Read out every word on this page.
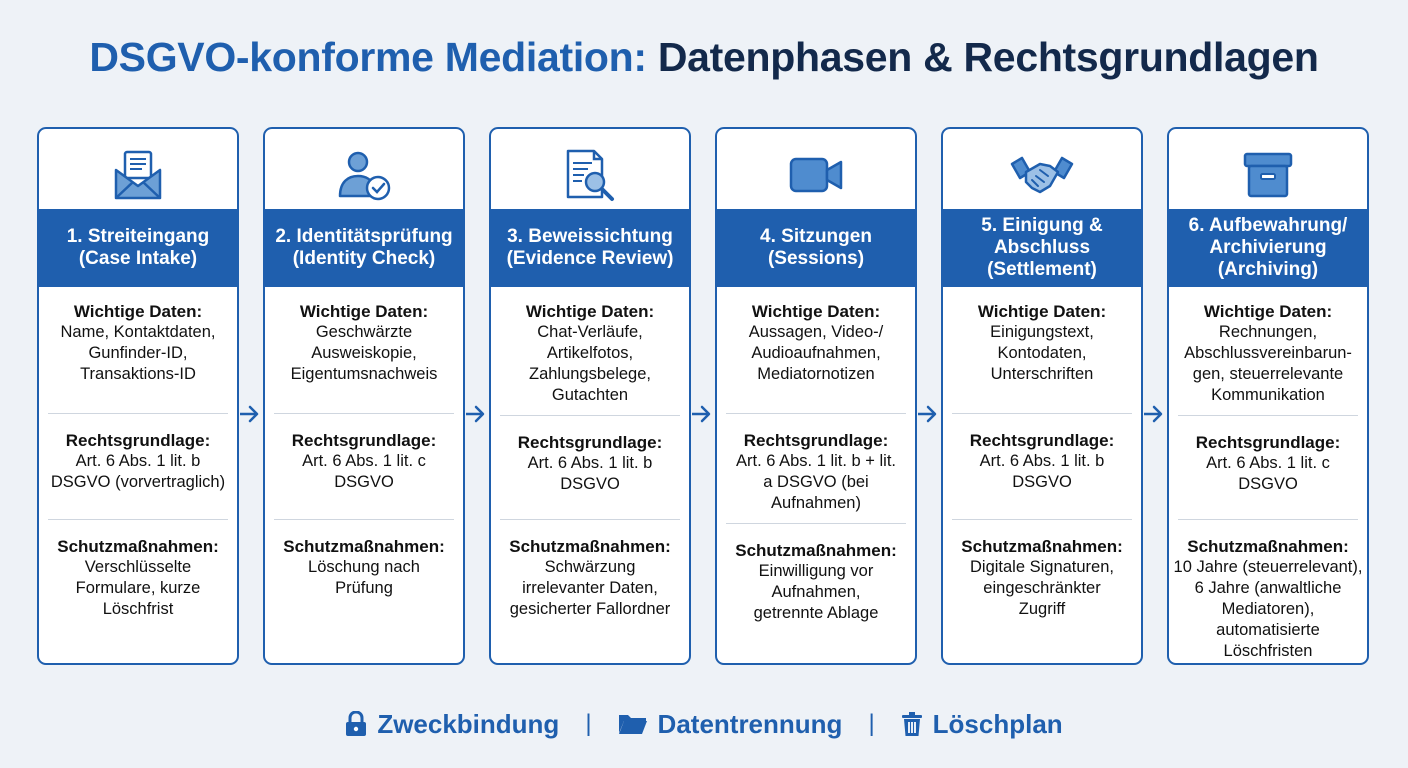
DSGVO-konforme Mediation: Datenphasen & Rechtsgrundlagen
1. Streiteingang
(Case Intake)
Wichtige Daten:
Name, Kontaktdaten,
Gunfinder-ID,
Transaktions-ID
Rechtsgrundlage:
Art. 6 Abs. 1 lit. b
DSGVO (vorvertraglich)
Schutzmaßnahmen:
Verschlüsselte
Formulare, kurze
Löschfrist
2. Identitätsprüfung
(Identity Check)
Wichtige Daten:
Geschwärzte
Ausweiskopie,
Eigentumsnachweis
Rechtsgrundlage:
Art. 6 Abs. 1 lit. c
DSGVO
Schutzmaßnahmen:
Löschung nach
Prüfung
3. Beweissichtung
(Evidence Review)
Wichtige Daten:
Chat-Verläufe,
Artikelfotos,
Zahlungsbelege,
Gutachten
Rechtsgrundlage:
Art. 6 Abs. 1 lit. b
DSGVO
Schutzmaßnahmen:
Schwärzung
irrelevanter Daten,
gesicherter Fallordner
4. Sitzungen
(Sessions)
Wichtige Daten:
Aussagen, Video-/
Audioaufnahmen,
Mediatornotizen
Rechtsgrundlage:
Art. 6 Abs. 1 lit. b + lit.
a DSGVO (bei
Aufnahmen)
Schutzmaßnahmen:
Einwilligung vor
Aufnahmen,
getrennte Ablage
5. Einigung &
Abschluss
(Settlement)
Wichtige Daten:
Einigungstext,
Kontodaten,
Unterschriften
Rechtsgrundlage:
Art. 6 Abs. 1 lit. b
DSGVO
Schutzmaßnahmen:
Digitale Signaturen,
eingeschränkter
Zugriff
6. Aufbewahrung/
Archivierung
(Archiving)
Wichtige Daten:
Rechnungen,
Abschlussvereinbarun-
gen, steuerrelevante
Kommunikation
Rechtsgrundlage:
Art. 6 Abs. 1 lit. c
DSGVO
Schutzmaßnahmen:
10 Jahre (steuerrelevant),
6 Jahre (anwaltliche
Mediatoren),
automatisierte
Löschfristen
Zweckbindung |	Datentrennung | Löschplan
